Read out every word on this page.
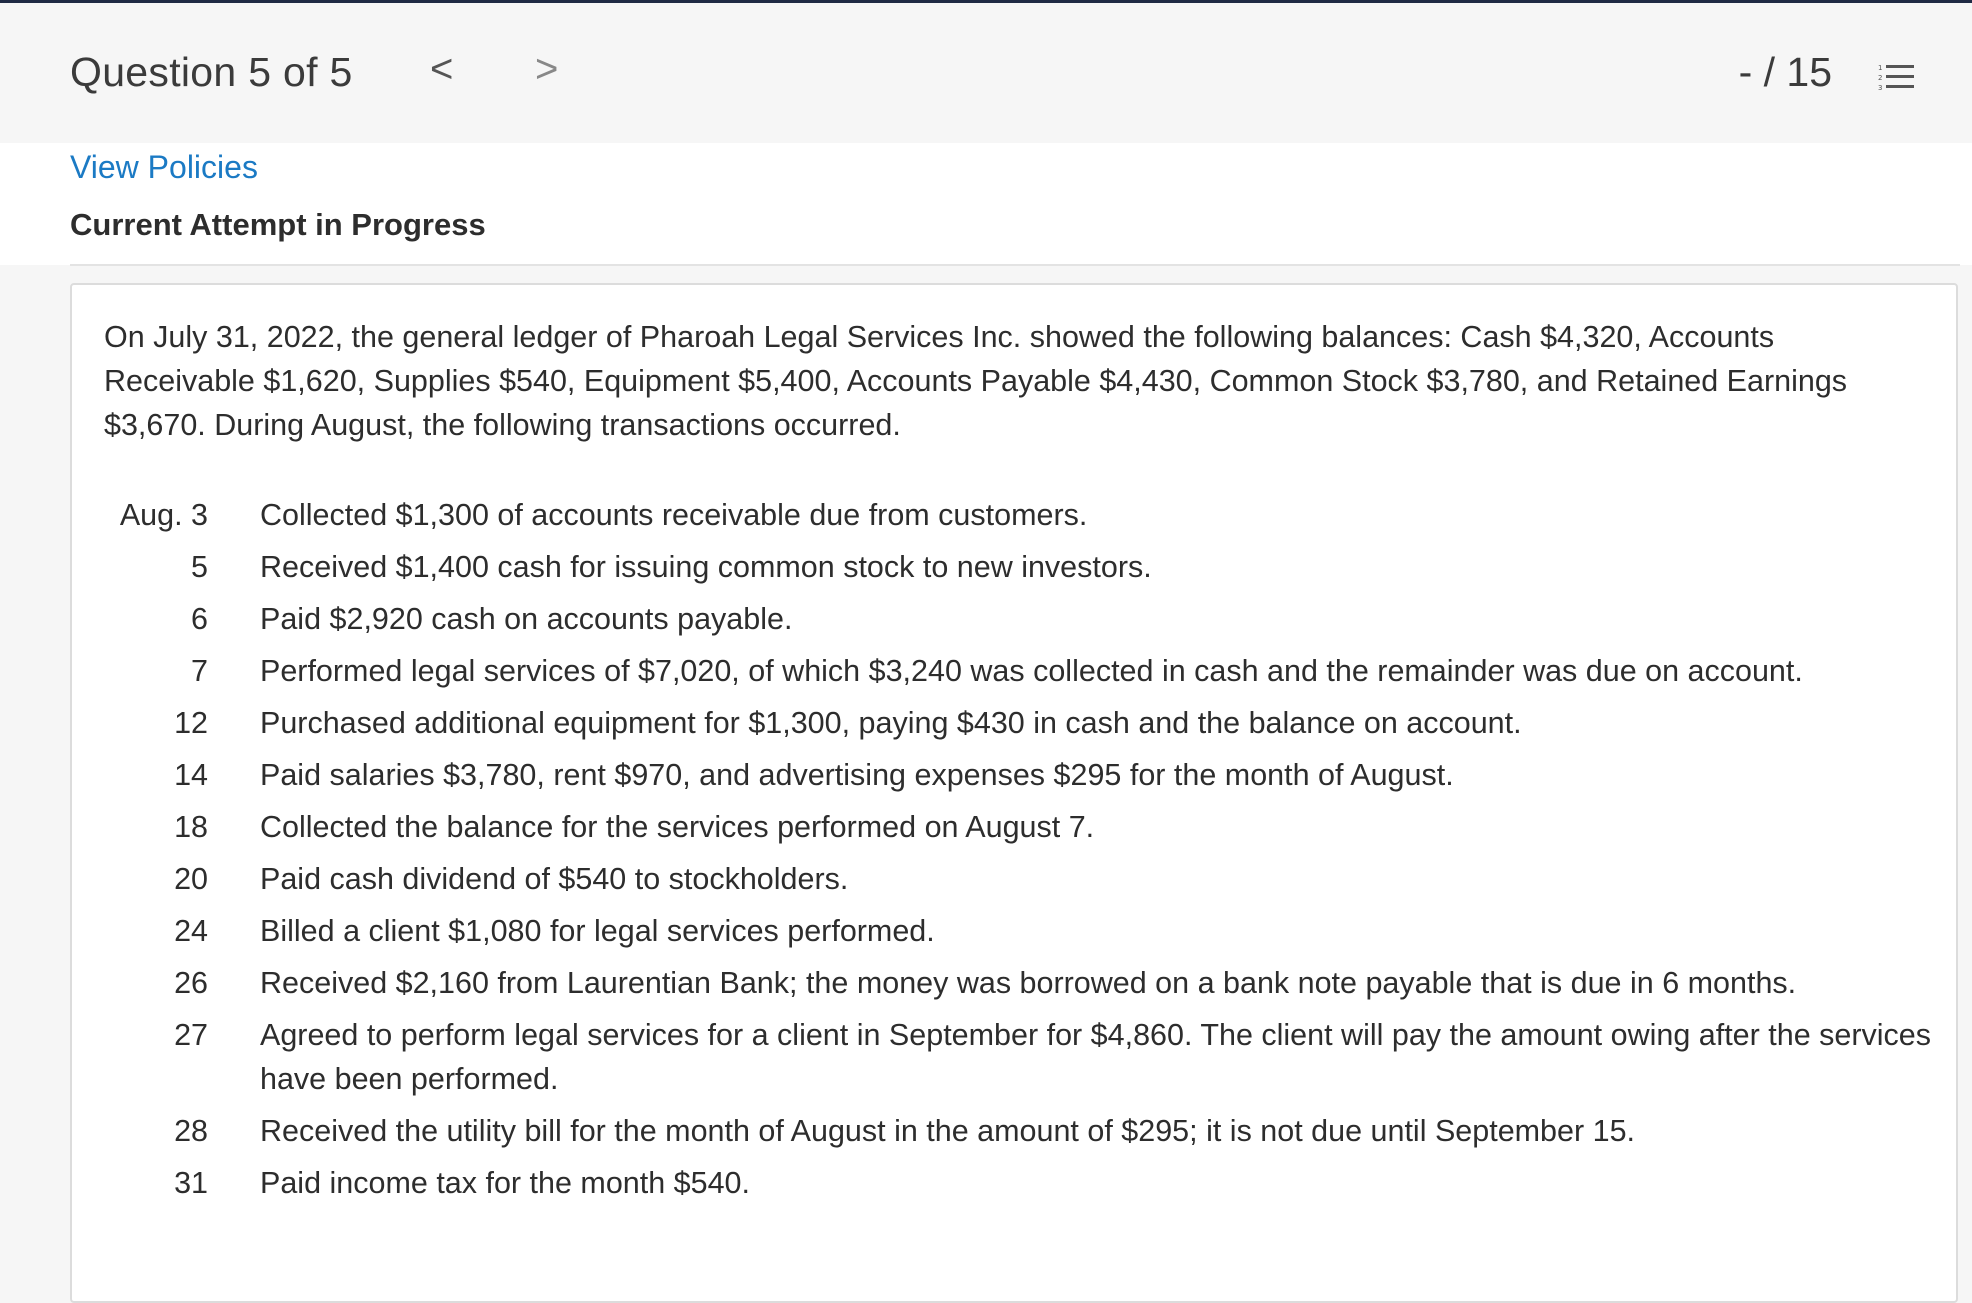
Question 5 of 5 < >	- / 15	1
2
3
View Policies
Current Attempt in Progress
On July 31, 2022, the general ledger of Pharoah Legal Services Inc. showed the following balances: Cash $4,320, Accounts Receivable $1,620, Supplies $540, Equipment $5,400, Accounts Payable $4,430, Common Stock $3,780, and Retained Earnings $3,670. During August, the following transactions occurred.
Aug. 3		Collected $1,300 of accounts receivable due from customers.
5		Received $1,400 cash for issuing common stock to new investors.
6		Paid $2,920 cash on accounts payable.
7		Performed legal services of $7,020, of which $3,240 was collected in cash and the remainder was due on account.
12		Purchased additional equipment for $1,300, paying $430 in cash and the balance on account.
14		Paid salaries $3,780, rent $970, and advertising expenses $295 for the month of August.
18		Collected the balance for the services performed on August 7.
20		Paid cash dividend of $540 to stockholders.
24		Billed a client $1,080 for legal services performed.
26		Received $2,160 from Laurentian Bank; the money was borrowed on a bank note payable that is due in 6 months.
27		Agreed to perform legal services for a client in September for $4,860. The client will pay the amount owing after the services have been performed.
28		Received the utility bill for the month of August in the amount of $295; it is not due until September 15.
31		Paid income tax for the month $540.
